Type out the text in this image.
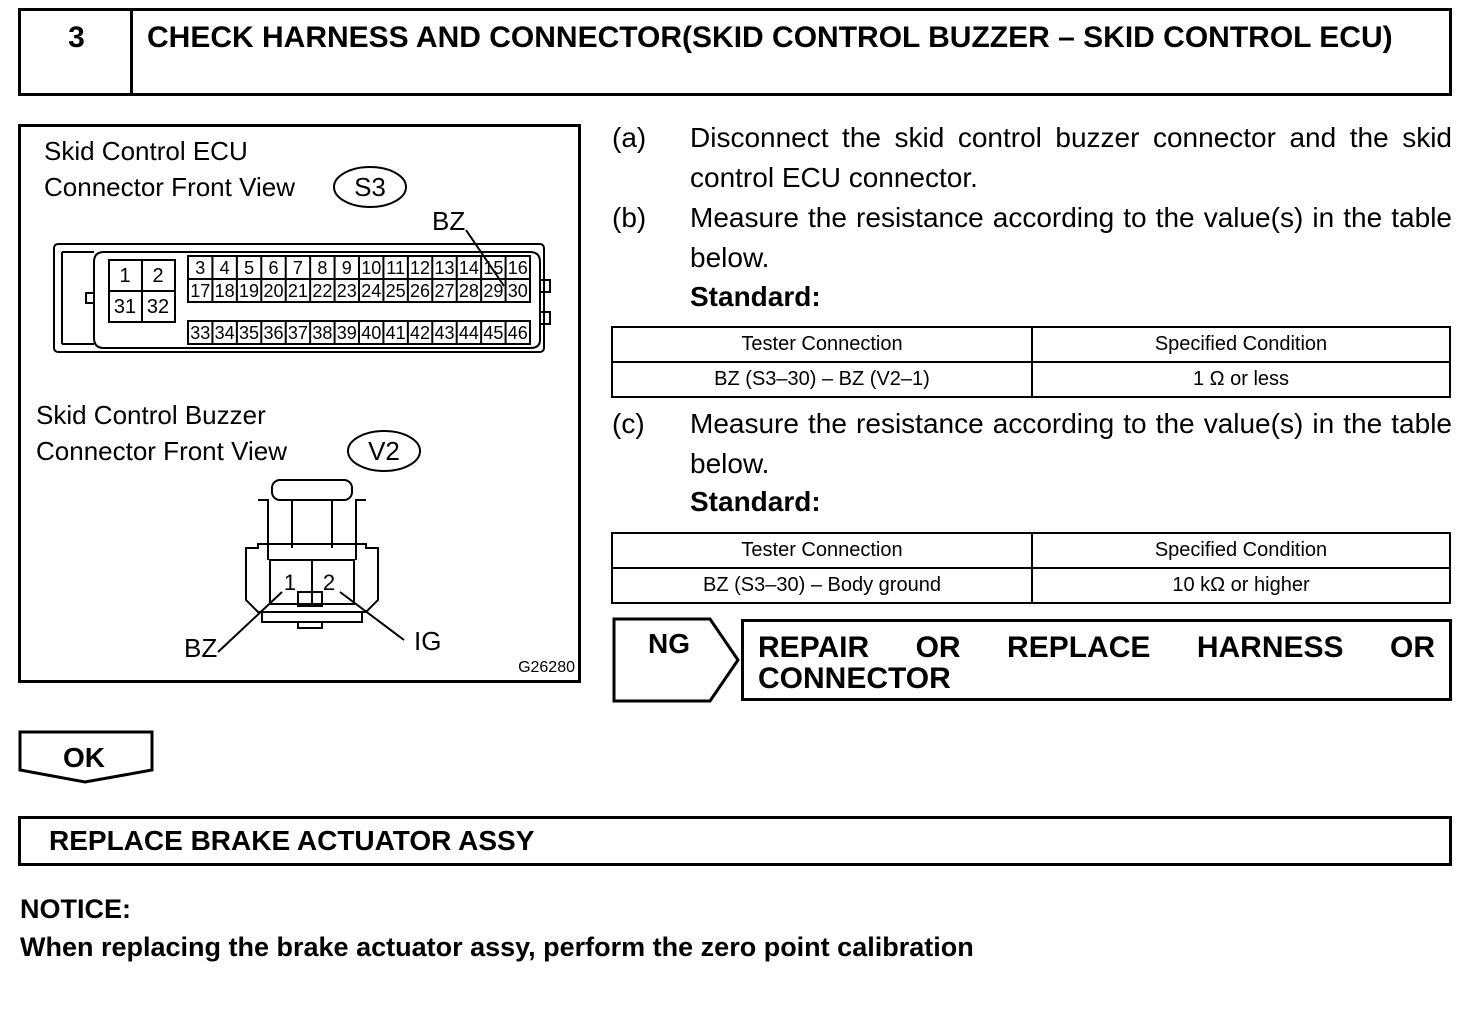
3	CHECK HARNESS AND CONNECTOR(SKID CONTROL BUZZER – SKID CONTROL ECU)
Skid Control ECU
Connector Front View S3
BZ
Skid Control Buzzer
Connector Front View	V2
BZ	IG
1 2
3 4 5 6 7 8 9 10 11 12 13 14 15 16
17 18 19 20 21 22 23 24 25 26 27 28 29 30
33 34 35 36 37 38 39 40 41 42 43 44 45 46
1 2
31 32
G26280
(a) Disconnect the skid control buzzer connector and the skid control ECU connector.
(b) Measure the resistance according to the value(s) in the table below.
Standard:
Tester Connection	Specified Condition
BZ (S3–30) – BZ (V2–1)	1 Ω or less
(c) Measure the resistance according to the value(s) in the table below.
Standard:
Tester Connection	Specified Condition
BZ (S3–30) – Body ground	10 kΩ or higher
NG REPAIR OR REPLACE HARNESS OR
CONNECTOR
OK
REPLACE BRAKE ACTUATOR ASSY
NOTICE:
When replacing the brake actuator assy, perform the zero point calibration
